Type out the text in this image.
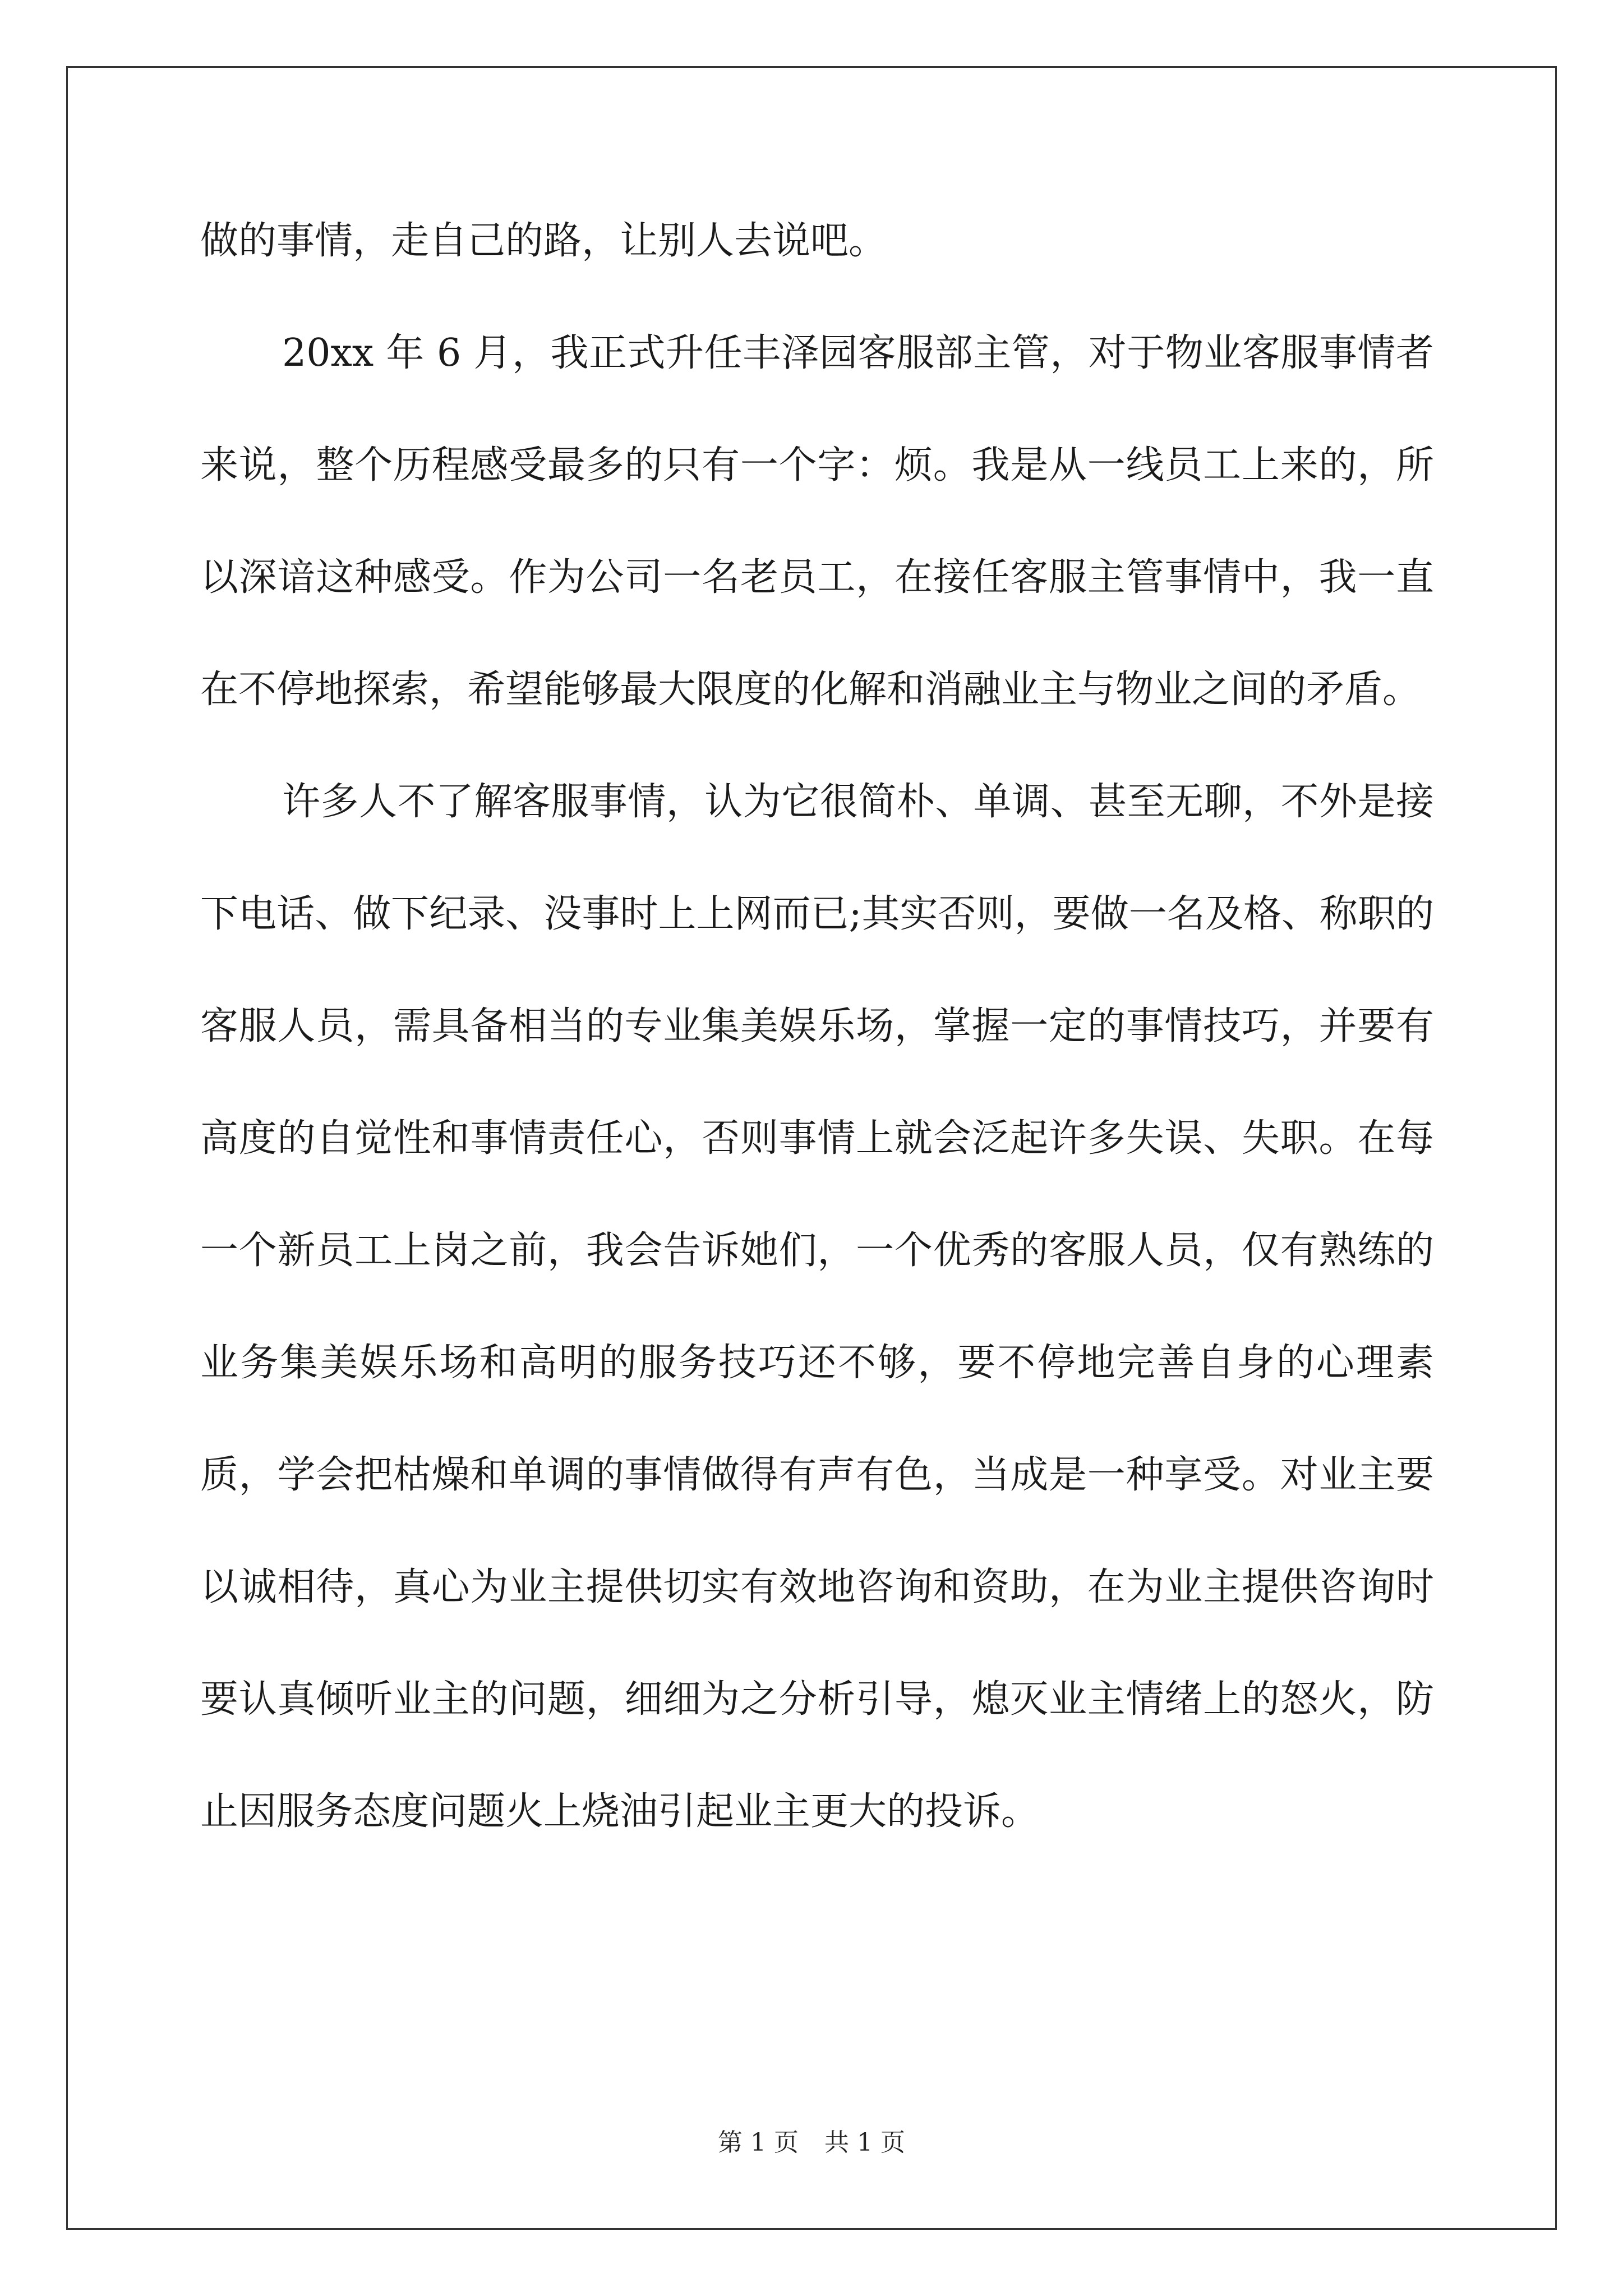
做的事情，走自己的路，让别人去说吧。

20xx 年 6 月，我正式升任丰泽园客服部主管，对于物业客服事情者来说，整个历程感受最多的只有一个字：烦。我是从一线员工上来的，所以深谙这种感受。作为公司一名老员工，在接任客服主管事情中，我一直在不停地探索，希望能够最大限度的化解和消融业主与物业之间的矛盾。

许多人不了解客服事情，认为它很简朴、单调、甚至无聊，不外是接下电话、做下纪录、没事时上上网而已;其实否则，要做一名及格、称职的客服人员，需具备相当的专业集美娱乐场，掌握一定的事情技巧，并要有高度的自觉性和事情责任心，否则事情上就会泛起许多失误、失职。在每一个新员工上岗之前，我会告诉她们，一个优秀的客服人员，仅有熟练的业务集美娱乐场和高明的服务技巧还不够，要不停地完善自身的心理素质，学会把枯燥和单调的事情做得有声有色，当成是一种享受。对业主要以诚相待，真心为业主提供切实有效地咨询和资助，在为业主提供咨询时要认真倾听业主的问题，细细为之分析引导，熄灭业主情绪上的怒火，防止因服务态度问题火上烧油引起业主更大的投诉。

第 1 页 共 1 页
